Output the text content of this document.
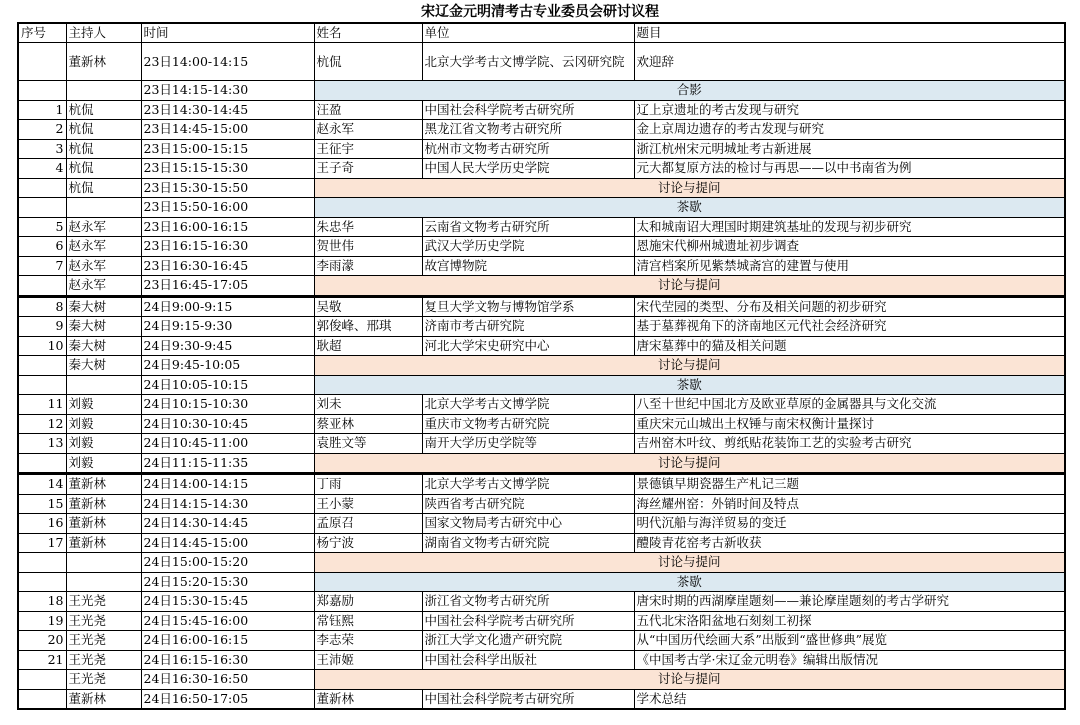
宋辽金元明清考古专业委员会研讨议程
序号	主持人	时间	姓名	单位	题目
	董新林	23日14:00-14:15	杭侃	北京大学考古文博学院、云冈研究院	欢迎辞
		23日14:15-14:30	合影		
1	杭侃	23日14:30-14:45	汪盈	中国社会科学院考古研究所	辽上京遗址的考古发现与研究
2	杭侃	23日14:45-15:00	赵永军	黑龙江省文物考古研究所	金上京周边遗存的考古发现与研究
3	杭侃	23日15:00-15:15	王征宇	杭州市文物考古研究所	浙江杭州宋元明城址考古新进展
4	杭侃	23日15:15-15:30	王子奇	中国人民大学历史学院	元大都复原方法的检讨与再思——以中书南省为例
	杭侃	23日15:30-15:50	讨论与提问		
		23日15:50-16:00	茶歇		
5	赵永军	23日16:00-16:15	朱忠华	云南省文物考古研究所	太和城南诏大理国时期建筑基址的发现与初步研究
6	赵永军	23日16:15-16:30	贺世伟	武汉大学历史学院	恩施宋代柳州城遗址初步调查
7	赵永军	23日16:30-16:45	李雨濛	故宫博物院	清宫档案所见紫禁城斋宫的建置与使用
	赵永军	23日16:45-17:05	讨论与提问		
8	秦大树	24日9:00-9:15	吴敬	复旦大学文物与博物馆学系	宋代茔园的类型、分布及相关问题的初步研究
9	秦大树	24日9:15-9:30	郭俊峰、邢琪	济南市考古研究院	基于墓葬视角下的济南地区元代社会经济研究
10	秦大树	24日9:30-9:45	耿超	河北大学宋史研究中心	唐宋墓葬中的猫及相关问题
	秦大树	24日9:45-10:05	讨论与提问		
		24日10:05-10:15	茶歇		
11	刘毅	24日10:15-10:30	刘未	北京大学考古文博学院	八至十世纪中国北方及欧亚草原的金属器具与文化交流
12	刘毅	24日10:30-10:45	蔡亚林	重庆市文物考古研究院	重庆宋元山城出土权锤与南宋权衡计量探讨
13	刘毅	24日10:45-11:00	袁胜文等	南开大学历史学院等	吉州窑木叶纹、剪纸贴花装饰工艺的实验考古研究
	刘毅	24日11:15-11:35	讨论与提问		
14	董新林	24日14:00-14:15	丁雨	北京大学考古文博学院	景德镇早期瓷器生产札记三题
15	董新林	24日14:15-14:30	王小蒙	陕西省考古研究院	海丝耀州窑：外销时间及特点
16	董新林	24日14:30-14:45	孟原召	国家文物局考古研究中心	明代沉船与海洋贸易的变迁
17	董新林	24日14:45-15:00	杨宁波	湖南省文物考古研究院	醴陵青花窑考古新收获
		24日15:00-15:20	讨论与提问		
		24日15:20-15:30	茶歇		
18	王光尧	24日15:30-15:45	郑嘉励	浙江省文物考古研究所	唐宋时期的西湖摩崖题刻——兼论摩崖题刻的考古学研究
19	王光尧	24日15:45-16:00	常钰熙	中国社会科学院考古研究所	五代北宋洛阳盆地石刻刻工初探
20	王光尧	24日16:00-16:15	李志荣	浙江大学文化遗产研究院	从“中国历代绘画大系”出版到“盛世修典”展览
21	王光尧	24日16:15-16:30	王沛姬	中国社会科学出版社	《中国考古学·宋辽金元明卷》编辑出版情况
	王光尧	24日16:30-16:50	讨论与提问		
	董新林	24日16:50-17:05	董新林	中国社会科学院考古研究所	学术总结
